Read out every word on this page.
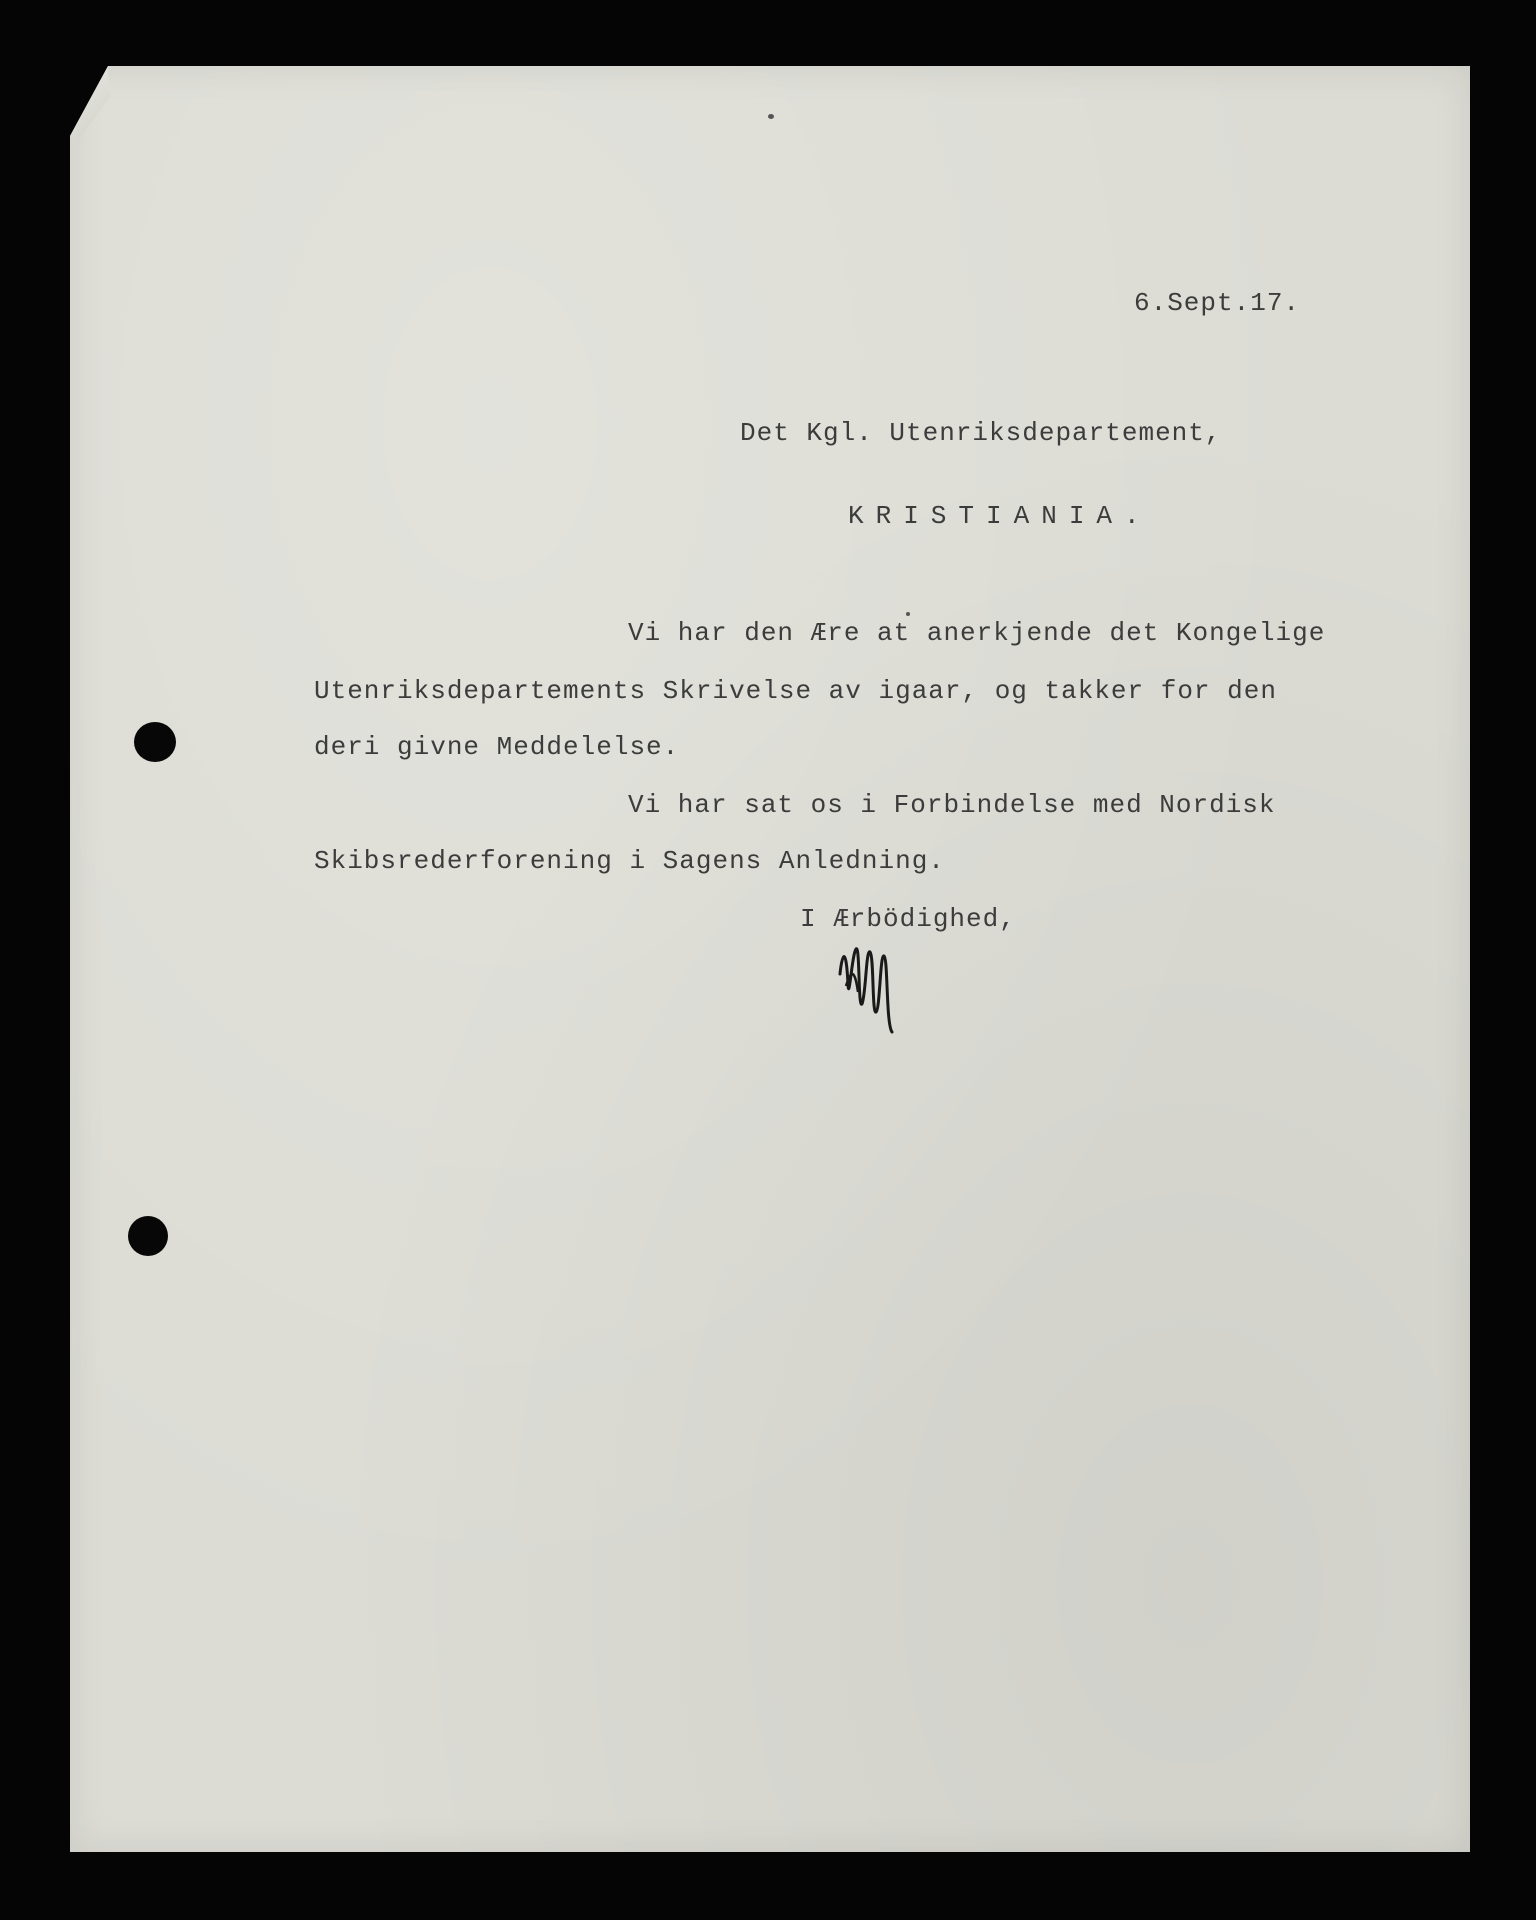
6.Sept.17.
Det Kgl. Utenriksdepartement,
KRISTIANIA.
Vi har den Ære at anerkjende det Kongelige
Utenriksdepartements Skrivelse av igaar, og takker for den
deri givne Meddelelse.
Vi har sat os i Forbindelse med Nordisk
Skibsrederforening i Sagens Anledning.
I Ærbödighed,
